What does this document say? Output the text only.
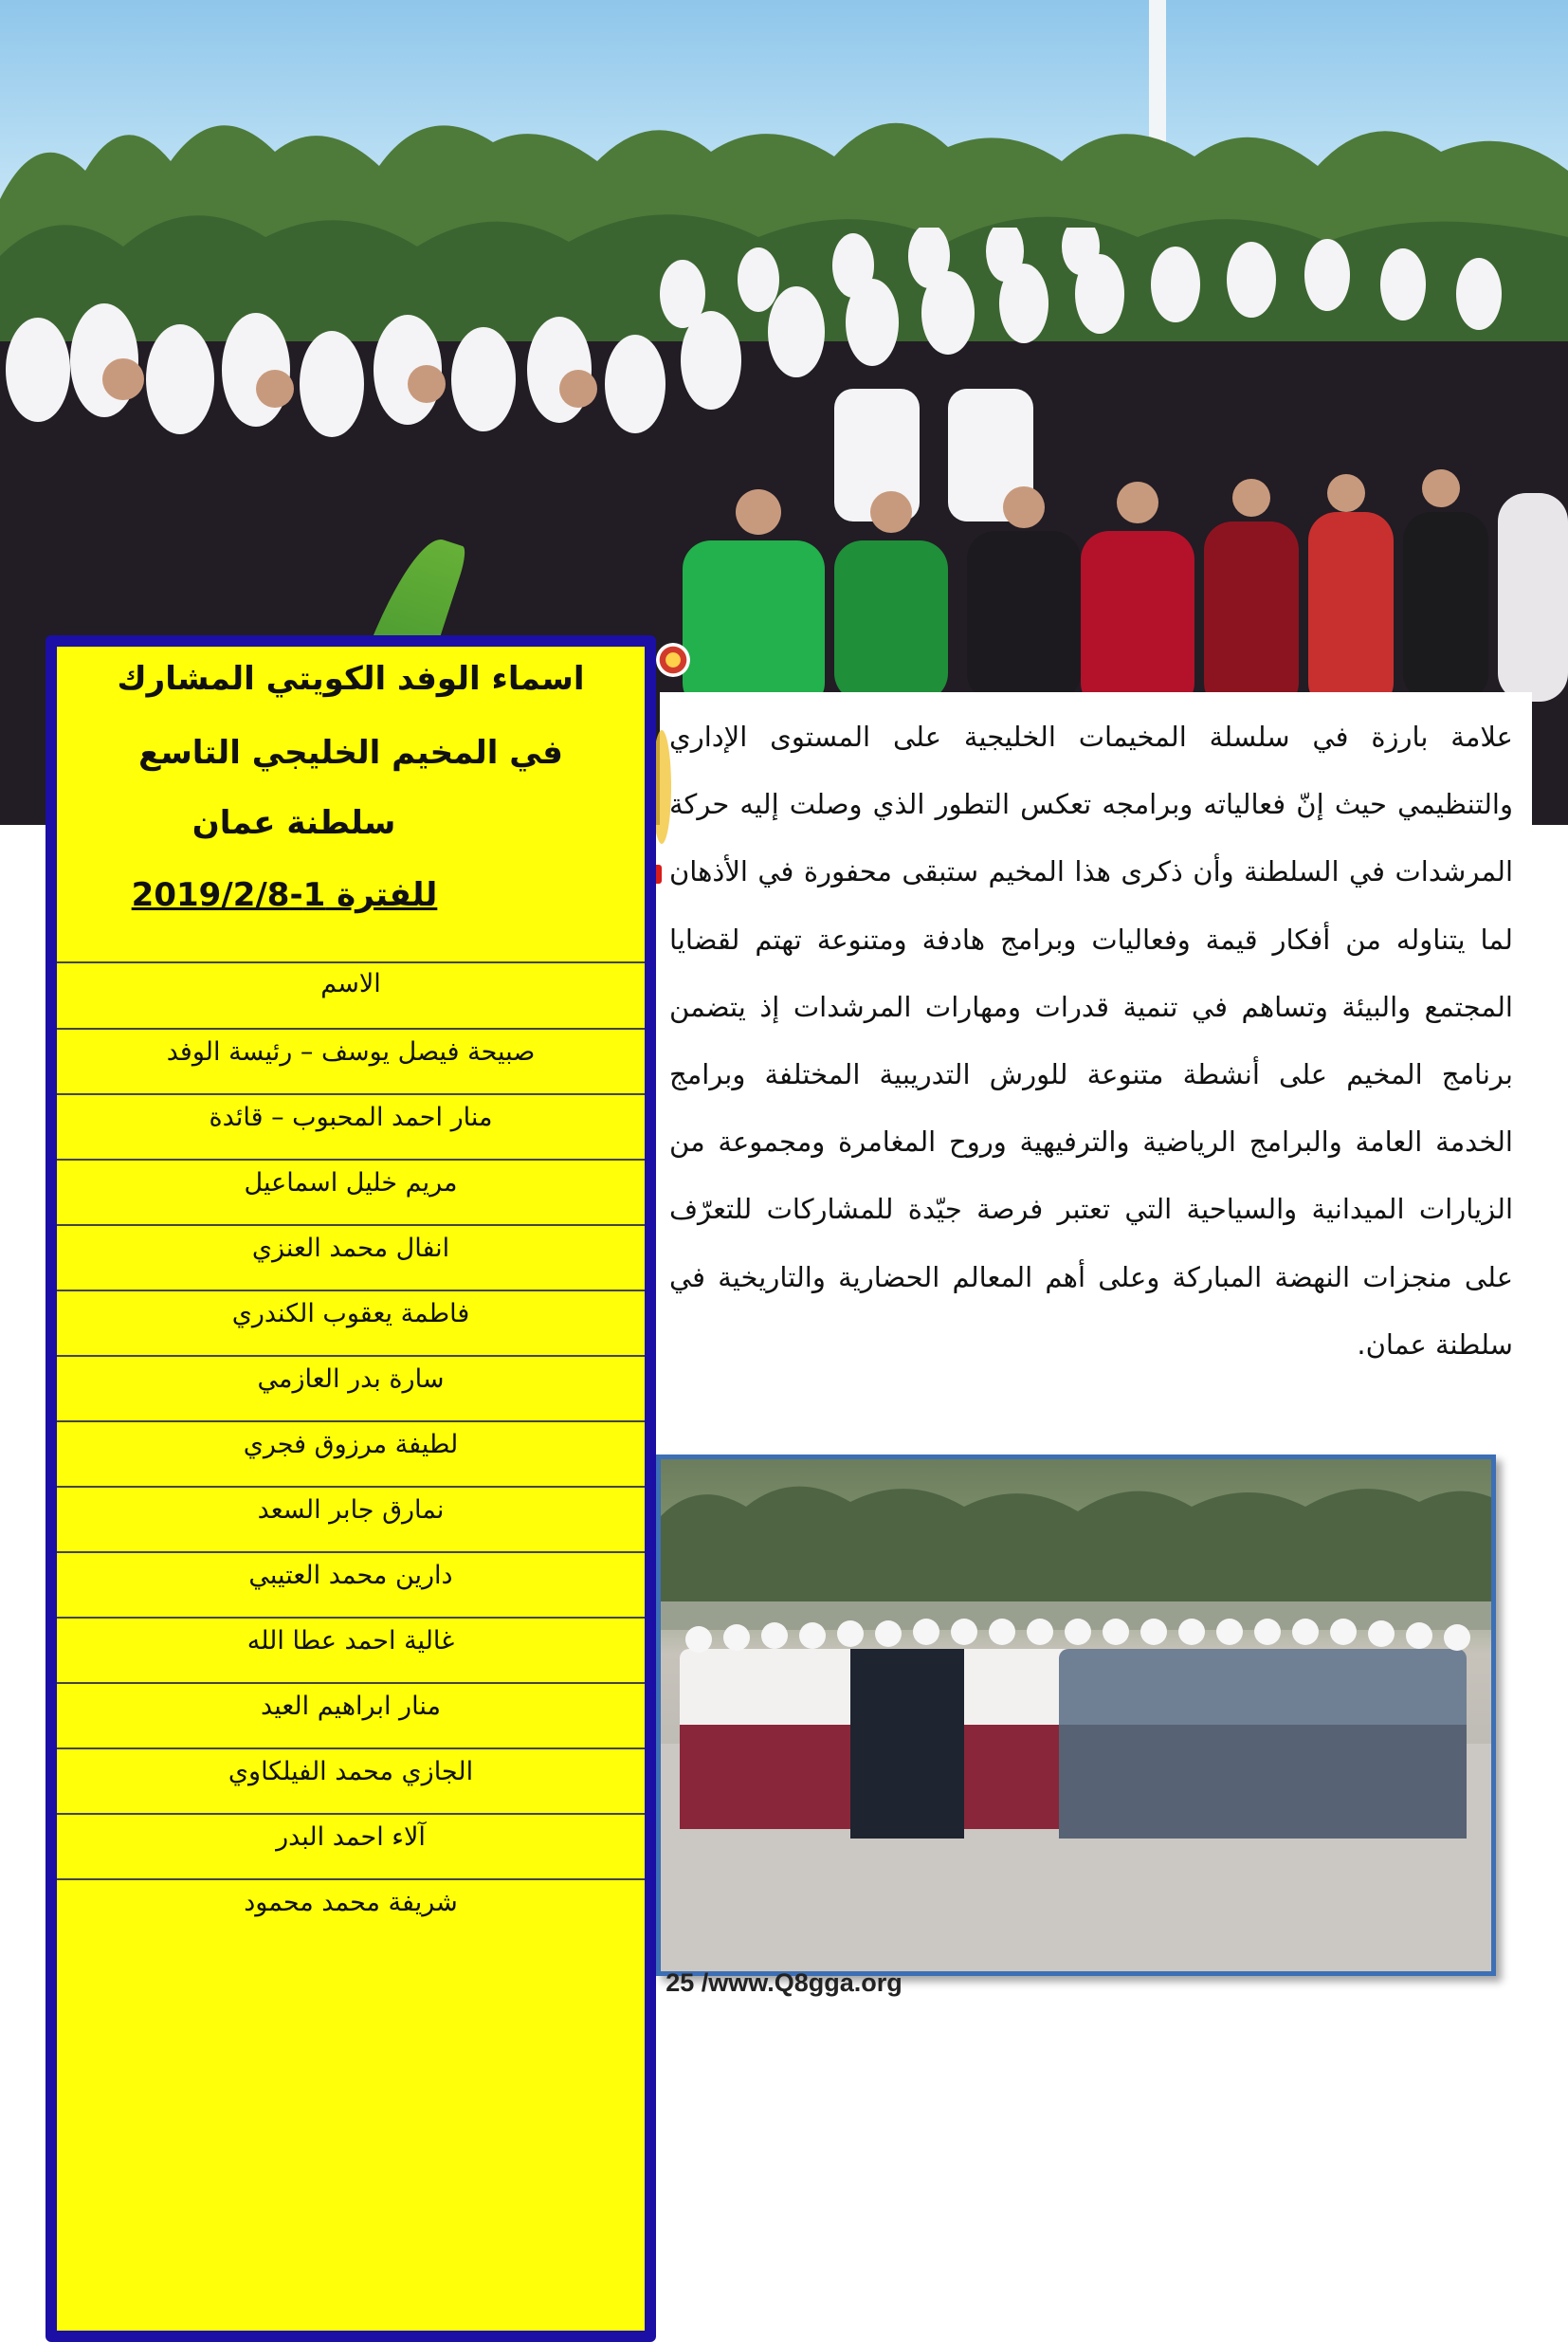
علامة بارزة في سلسلة المخيمات الخليجية على المستوى الإداري والتنظيمي حيث إنّ فعالياته وبرامجه تعكس التطور الذي وصلت إليه حركة المرشدات في السلطنة وأن ذكرى هذا المخيم ستبقى محفورة في الأذهان لما يتناوله من أفكار قيمة وفعاليات وبرامج هادفة ومتنوعة تهتم لقضايا المجتمع والبيئة وتساهم في تنمية قدرات ومهارات المرشدات إذ يتضمن برنامج المخيم على أنشطة متنوعة للورش التدريبية المختلفة وبرامج الخدمة العامة والبرامج الرياضية والترفيهية وروح المغامرة ومجموعة من الزيارات الميدانية والسياحية التي تعتبر فرصة جيّدة للمشاركات للتعرّف على منجزات النهضة المباركة وعلى أهم المعالم الحضارية والتاريخية في سلطنة عمان.
اسماء الوفد الكويتي المشارك
في المخيم الخليجي التاسع
سلطنة عمان
للفترة 1-2019/2/8
الاسم
صبيحة فيصل يوسف – رئيسة الوفد
منار احمد المحبوب – قائدة
مريم خليل اسماعيل
انفال محمد العنزي
فاطمة يعقوب الكندري
سارة بدر العازمي
لطيفة مرزوق فجري
نمارق جابر السعد
دارين محمد العتيبي
غالية احمد عطا الله
منار ابراهيم العيد
الجازي محمد الفيلكاوي
آلاء احمد البدر
شريفة محمد محمود
25 /www.Q8gga.org
